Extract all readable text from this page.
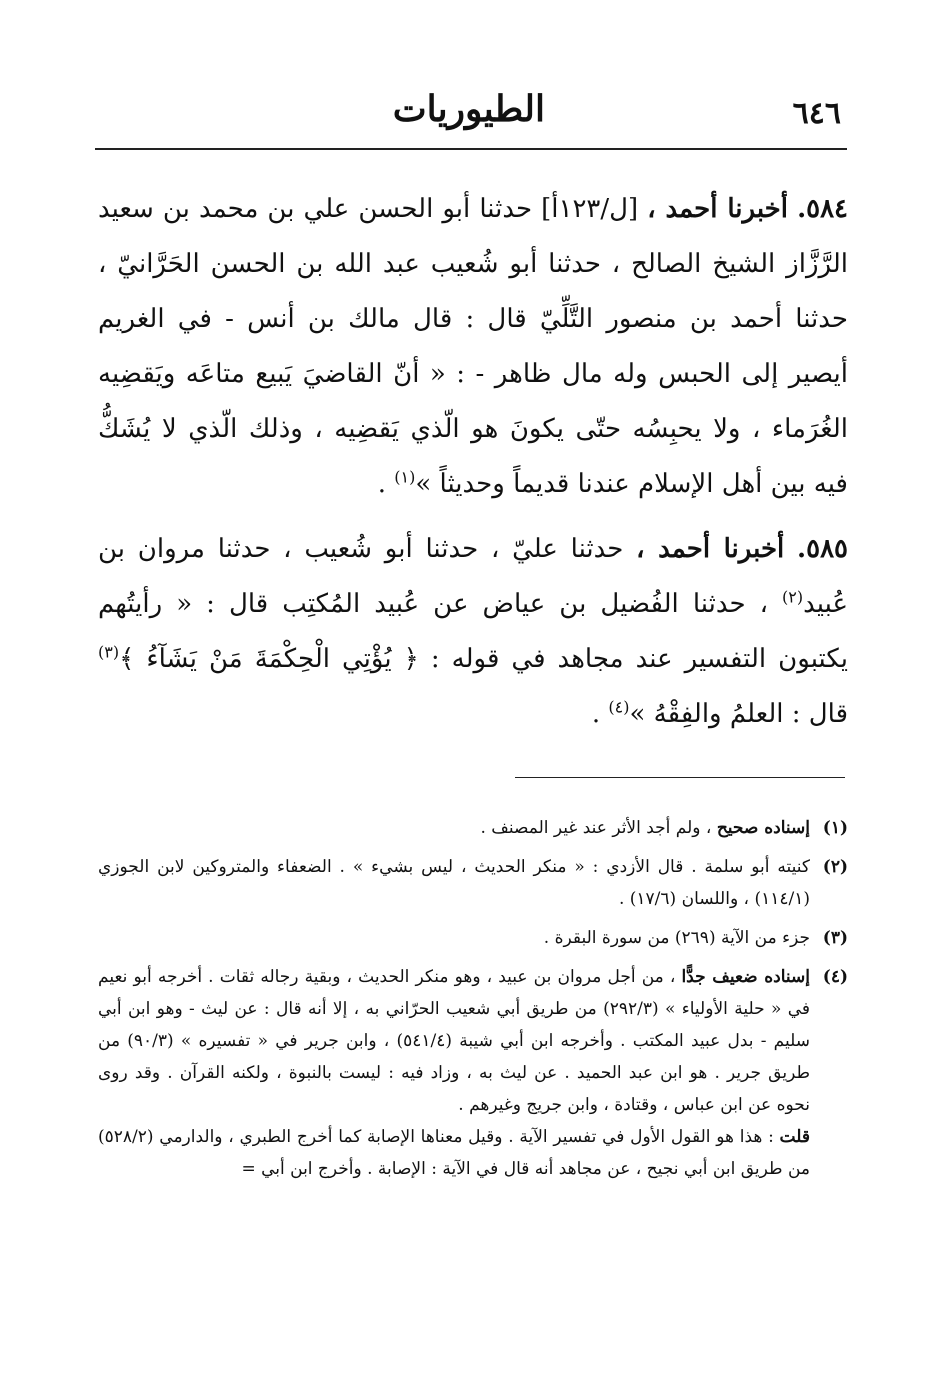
٦٤٦
الطيوريات

٥٨٤. أخبرنا أحمد ، [ل/١٢٣أ] حدثنا أبو الحسن علي بن محمد بن سعيد الرَّزَّاز الشيخ الصالح ، حدثنا أبو شُعيب عبد الله بن الحسن الحَرَّانيّ ، حدثنا أحمد بن منصور التَّلِّيّ قال : قال مالك بن أنس - في الغريم أيصير إلى الحبس وله مال ظاهر - : « أنّ القاضيَ يَبيع متاعَه ويَقضِيه الغُرَماء ، ولا يحبِسُه حتّى يكونَ هو الّذي يَقضِيه ، وذلك الّذي لا يُشَكُّ فيه بين أهل الإسلام عندنا قديماً وحديثاً »$^{(١)}$ .

٥٨٥. أخبرنا أحمد ، حدثنا عليّ ، حدثنا أبو شُعيب ، حدثنا مروان بن عُبيد$^{(٢)}$ ، حدثنا الفُضيل بن عياض عن عُبيد المُكتِب قال : « رأيتُهم يكتبون التفسير عند مجاهد في قوله : ﴿ يُؤْتِي الْحِكْمَةَ مَنْ يَشَآءُ ﴾$^{(٣)}$ قال : العلمُ والفِقْهُ »$^{(٤)}$ .

(١)
إسناده صحيح ، ولم أجد الأثر عند غير المصنف .

(٢)
كنيته أبو سلمة . قال الأزدي : « منكر الحديث ، ليس بشيء » . الضعفاء والمتروكين لابن الجوزي (١١٤/١) ، واللسان (١٧/٦) .

(٣)
جزء من الآية (٢٦٩) من سورة البقرة .

(٤)
إسناده ضعيف جدًّا ، من أجل مروان بن عبيد ، وهو منكر الحديث ، وبقية رجاله ثقات . أخرجه أبو نعيم في « حلية الأولياء » (٢٩٢/٣) من طريق أبي شعيب الحرّاني به ، إلا أنه قال : عن ليث - وهو ابن أبي سليم - بدل عبيد المكتب . وأخرجه ابن أبي شيبة (٥٤١/٤) ، وابن جرير في « تفسيره » (٩٠/٣) من طريق جرير . هو ابن عبد الحميد . عن ليث به ، وزاد فيه : ليست بالنبوة ، ولكنه القرآن . وقد روى نحوه عن ابن عباس ، وقتادة ، وابن جريج وغيرهم .
قلت : هذا هو القول الأول في تفسير الآية . وقيل معناها الإصابة كما أخرج الطبري ، والدارمي (٥٢٨/٢) من طريق ابن أبي نجيح ، عن مجاهد أنه قال في الآية : الإصابة . وأخرج ابن أبي =
